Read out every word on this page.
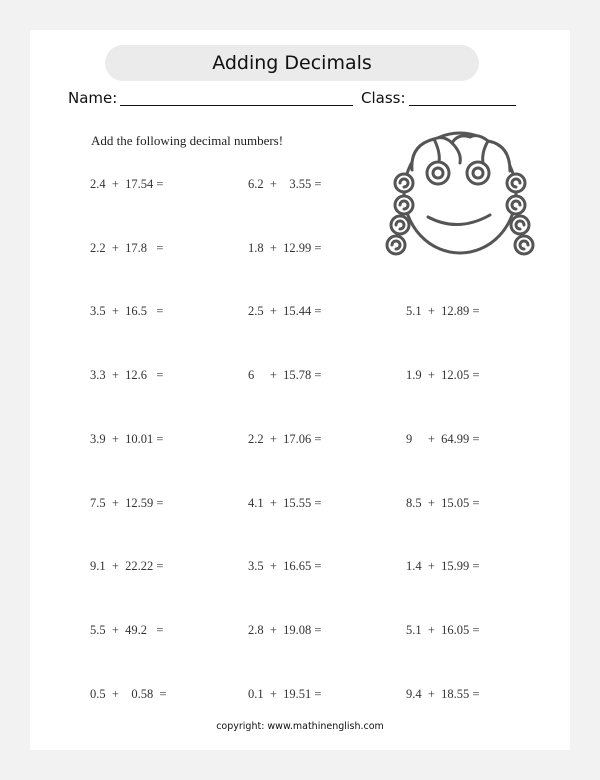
Adding Decimals
Name:	Class:
Add the following decimal numbers!
2.4  +  17.54 =	6.2  +    3.55 =
2.2  +  17.8   =	1.8  +  12.99 =
3.5  +  16.5   =	2.5  +  15.44 =	5.1  +  12.89 =
3.3  +  12.6   =	6     +  15.78 =	1.9  +  12.05 =
3.9  +  10.01 =	2.2  +  17.06 =	9     +  64.99 =
7.5  +  12.59 =	4.1  +  15.55 =	8.5  +  15.05 =
9.1  +  22.22 =	3.5  +  16.65 =	1.4  +  15.99 =
5.5  +  49.2   =	2.8  +  19.08 =	5.1  +  16.05 =
0.5  +    0.58  =	0.1  +  19.51 =	9.4  +  18.55 =
copyright: www.mathinenglish.com
